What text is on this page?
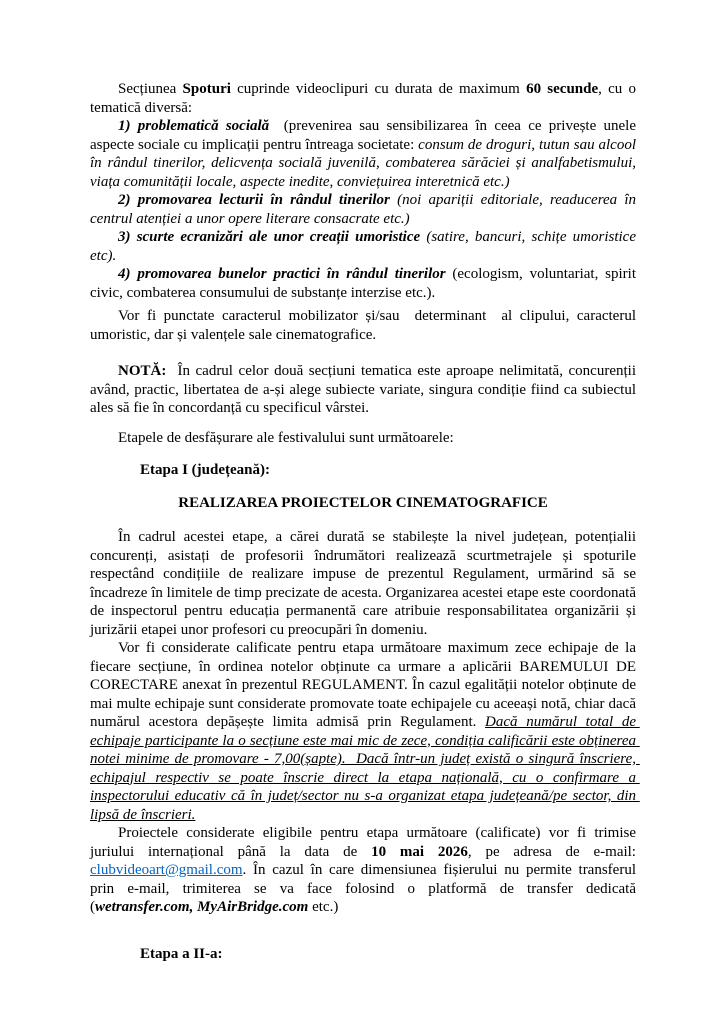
Secțiunea Spoturi cuprinde videoclipuri cu durata de maximum 60 secunde, cu o tematică diversă:

1) problematică socială  (prevenirea sau sensibilizarea în ceea ce privește unele aspecte sociale cu implicații pentru întreaga societate: consum de droguri, tutun sau alcool în rândul tinerilor, delicvența socială juvenilă, combaterea sărăciei și analfabetismului, viața comunității locale, aspecte inedite, conviețuirea interetnică etc.)

2) promovarea lecturii în rândul tinerilor (noi apariții editoriale, readucerea în centrul atenției a unor opere literare consacrate etc.)

3) scurte ecranizări ale unor creații umoristice (satire, bancuri, schițe umoristice etc).

4) promovarea bunelor practici în rândul tinerilor (ecologism, voluntariat, spirit civic, combaterea consumului de substanțe interzise etc.).

Vor fi punctate caracterul mobilizator și/sau  determinant  al clipului, caracterul umoristic, dar și valențele sale cinematografice.

NOTĂ:  În cadrul celor două secțiuni tematica este aproape nelimitată, concurenții având, practic, libertatea de a-și alege subiecte variate, singura condiție fiind ca subiectul ales să fie în concordanță cu specificul vârstei.

Etapele de desfășurare ale festivalului sunt următoarele:

Etapa I (județeană):

REALIZAREA PROIECTELOR CINEMATOGRAFICE

În cadrul acestei etape, a cărei durată se stabilește la nivel județean, potențialii concurenți, asistați de profesorii îndrumători realizează scurtmetrajele și spoturile respectând condițiile de realizare impuse de prezentul Regulament, urmărind să se încadreze în limitele de timp precizate de acesta. Organizarea acestei etape este coordonată de inspectorul pentru educația permanentă care atribuie responsabilitatea organizării și jurizării etapei unor profesori cu preocupări în domeniu.

Vor fi considerate calificate pentru etapa următoare maximum zece echipaje de la fiecare secțiune, în ordinea notelor obținute ca urmare a aplicării BAREMULUI DE CORECTARE anexat în prezentul REGULAMENT. În cazul egalității notelor obținute de mai multe echipaje sunt considerate promovate toate echipajele cu aceeași notă, chiar dacă numărul acestora depășește limita admisă prin Regulament. Dacă numărul total de echipaje participante la o secțiune este mai mic de zece, condiția calificării este obținerea notei minime de promovare - 7,00(șapte).  Dacă într-un județ există o singură înscriere, echipajul respectiv se poate înscrie direct la etapa națională, cu o confirmare a inspectorului educativ că în județ/sector nu s-a organizat etapa județeană/pe sector, din lipsă de înscrieri.

Proiectele considerate eligibile pentru etapa următoare (calificate) vor fi trimise juriului internațional până la data de 10 mai 2026, pe adresa de e-mail: clubvideoart@gmail.com. În cazul în care dimensiunea fișierului nu permite transferul prin e-mail, trimiterea se va face folosind o platformă de transfer dedicată (wetransfer.com, MyAirBridge.com etc.)

Etapa a II-a:
